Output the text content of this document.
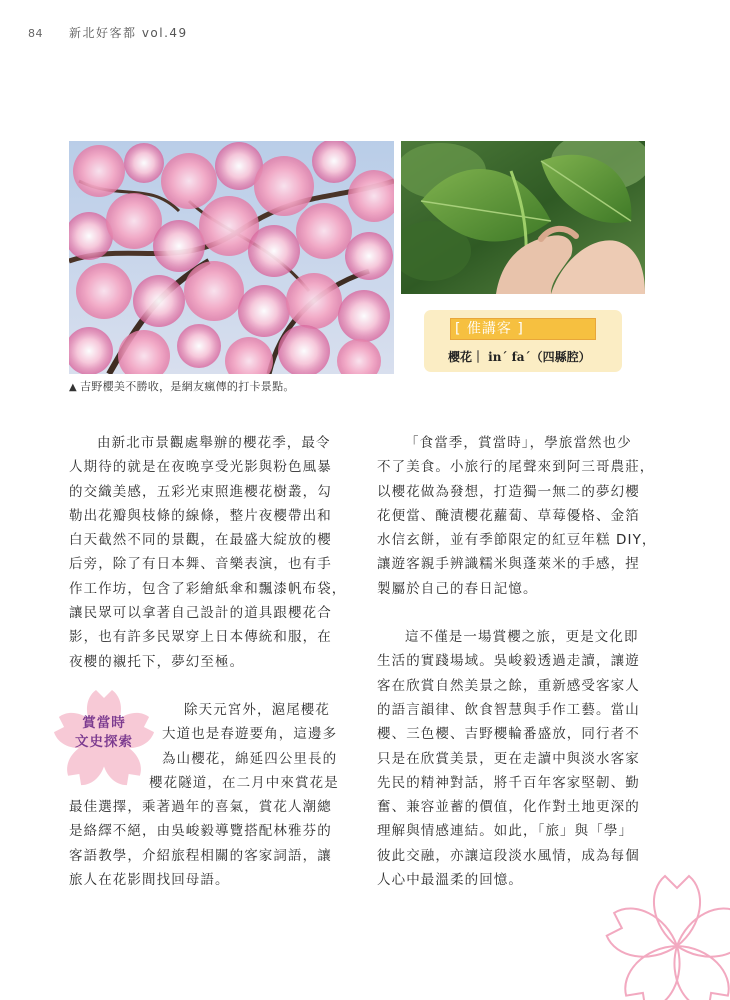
84 新北好客都 vol.49
[ 倠講客 ]
櫻花｜ inˊ faˊ（四縣腔）
▲ 吉野櫻美不勝收，是網友瘋傳的打卡景點。

由新北市景觀處舉辦的櫻花季，最令
人期待的就是在夜晚享受光影與粉色風暴
的交織美感，五彩光束照進櫻花樹叢，勾
勒出花瓣與枝條的線條，整片夜櫻帶出和
白天截然不同的景觀，在最盛大綻放的櫻
后旁，除了有日本舞、音樂表演，也有手
作工作坊，包含了彩繪紙傘和飄漆帆布袋，
讓民眾可以拿著自己設計的道具跟櫻花合
影，也有許多民眾穿上日本傳統和服，在
夜櫻的襯托下，夢幻至極。

除天元宮外，滬尾櫻花
大道也是春遊要角，這邊多
為山櫻花，綿延四公里長的
櫻花隧道，在二月中來賞花是
最佳選擇，乘著過年的喜氣，賞花人潮總
是絡繹不絕，由吳峻毅導覽搭配林雅芬的
客語教學，介紹旅程相關的客家詞語，讓
旅人在花影間找回母語。

「食當季，賞當時」，學旅當然也少
不了美食。小旅行的尾聲來到阿三哥農莊，
以櫻花做為發想，打造獨一無二的夢幻櫻
花便當、醃漬櫻花蘿蔔、草莓優格、金箔
水信玄餅，並有季節限定的紅豆年糕 DIY，
讓遊客親手辨識糯米與蓬萊米的手感，捏
製屬於自己的春日記憶。

這不僅是一場賞櫻之旅，更是文化即
生活的實踐場域。吳峻毅透過走讀，讓遊
客在欣賞自然美景之餘，重新感受客家人
的語言韻律、飲食智慧與手作工藝。當山
櫻、三色櫻、吉野櫻輪番盛放，同行者不
只是在欣賞美景，更在走讀中與淡水客家
先民的精神對話，將千百年客家堅韌、勤
奮、兼容並蓄的價值，化作對土地更深的
理解與情感連結。如此，「旅」與「學」
彼此交融，亦讓這段淡水風情，成為每個
人心中最溫柔的回憶。

賞當時
文史探索
